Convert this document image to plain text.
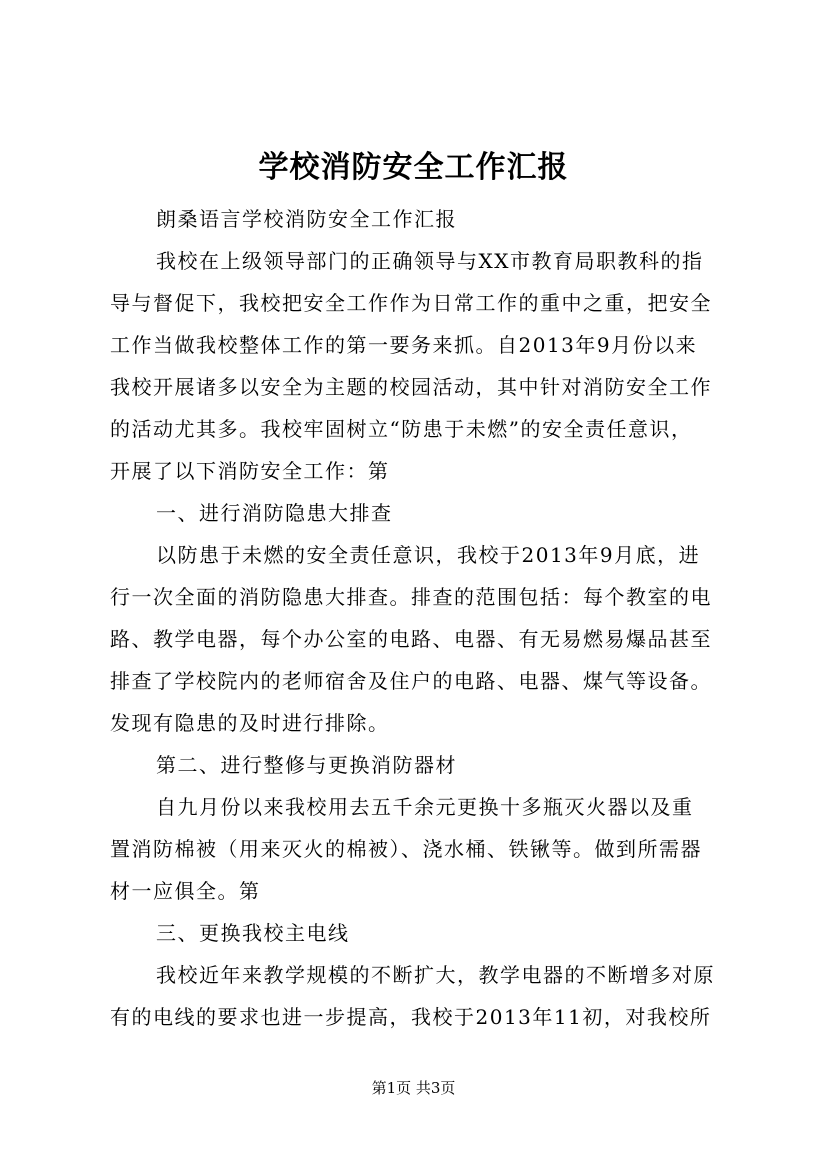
学校消防安全工作汇报
朗桑语言学校消防安全工作汇报
我校在上级领导部门的正确领导与XX市教育局职教科的指
导与督促下，我校把安全工作作为日常工作的重中之重，把安全
工作当做我校整体工作的第一要务来抓。自2013年9月份以来
我校开展诸多以安全为主题的校园活动，其中针对消防安全工作
的活动尤其多。我校牢固树立“防患于未燃”的安全责任意识，
开展了以下消防安全工作：第
一、进行消防隐患大排查
以防患于未燃的安全责任意识，我校于2013年9月底，进
行一次全面的消防隐患大排查。排查的范围包括：每个教室的电
路、教学电器，每个办公室的电路、电器、有无易燃易爆品甚至
排查了学校院内的老师宿舍及住户的电路、电器、煤气等设备。
发现有隐患的及时进行排除。
第二、进行整修与更换消防器材
自九月份以来我校用去五千余元更换十多瓶灭火器以及重
置消防棉被（用来灭火的棉被）、浇水桶、铁锹等。做到所需器
材一应俱全。第
三、更换我校主电线
我校近年来教学规模的不断扩大，教学电器的不断增多对原
有的电线的要求也进一步提高，我校于2013年11初，对我校所
第1页 共3页
